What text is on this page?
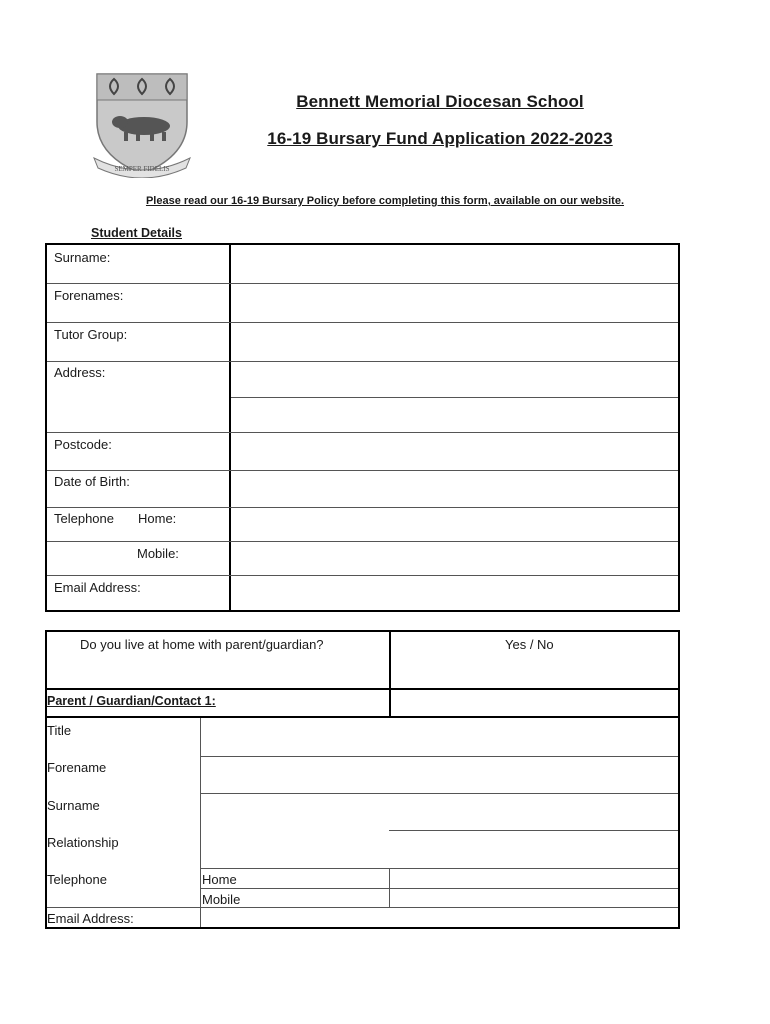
SEMPER FIDELIS
Bennett Memorial Diocesan School
16-19 Bursary Fund Application 2022-2023
Please read our 16-19 Bursary Policy before completing this form, available on our website.
Student Details
Surname:
Forenames:
Tutor Group:
Address:
Postcode:
Date of Birth:
Telephone Home:
Mobile:
Email Address:
Do you live at home with parent/guardian?	Yes / No
Parent / Guardian/Contact 1:
Title
Forename
Surname
Relationship
Telephone	Home
Mobile
Email Address:
